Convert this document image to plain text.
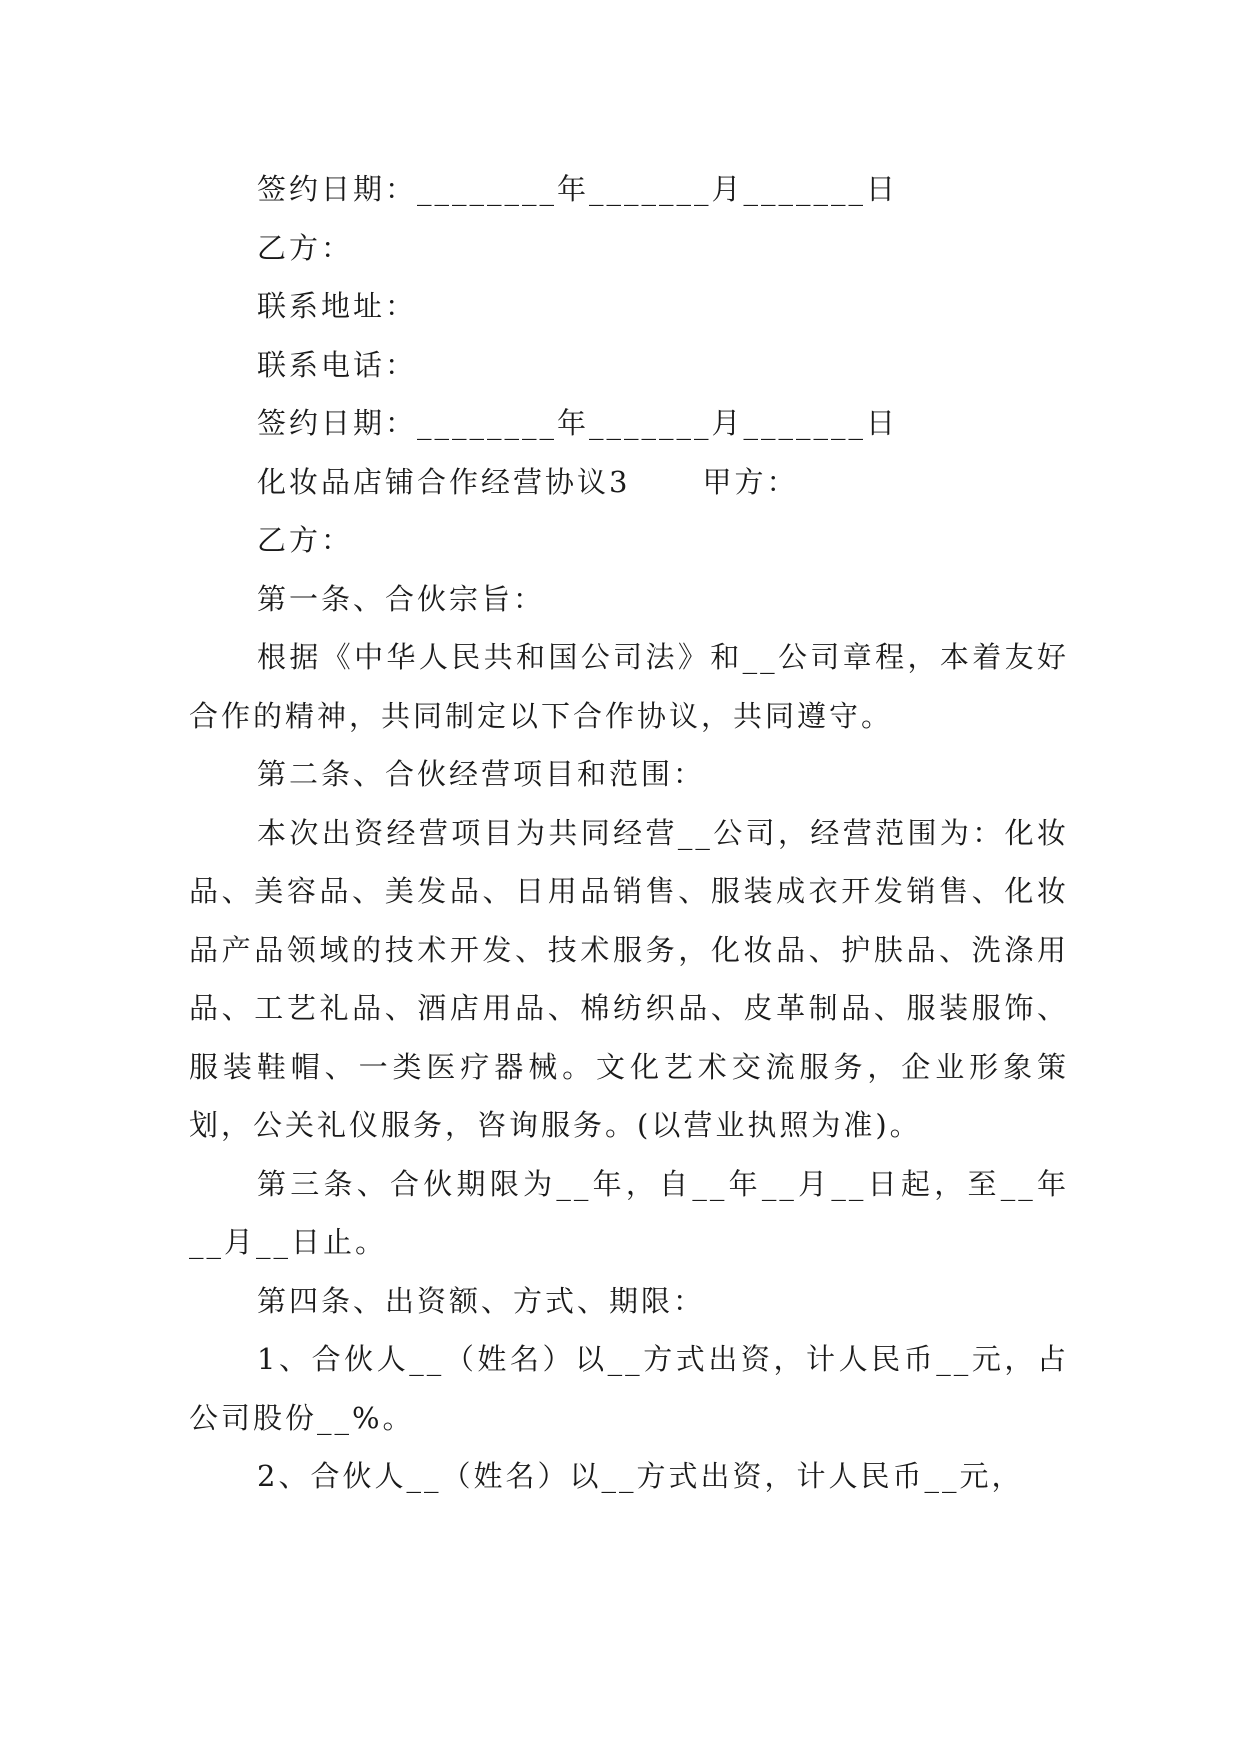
签约日期：________年_______月_______日

乙方：

联系地址：

联系电话：

签约日期：________年_______月_______日

化妆品店铺合作经营协议3 甲方：

乙方：

第一条、合伙宗旨：

根据《中华人民共和国公司法》和__公司章程，本着友好合作的精神，共同制定以下合作协议，共同遵守。

第二条、合伙经营项目和范围：

本次出资经营项目为共同经营__公司，经营范围为：化妆品、美容品、美发品、日用品销售、服装成衣开发销售、化妆品产品领域的技术开发、技术服务，化妆品、护肤品、洗涤用品、工艺礼品、酒店用品、棉纺织品、皮革制品、服装服饰、服装鞋帽、一类医疗器械。文化艺术交流服务，企业形象策划，公关礼仪服务，咨询服务。(以营业执照为准)。

第三条、合伙期限为__年，自__年__月__日起，至__年__月__日止。

第四条、出资额、方式、期限：

1、合伙人__（姓名）以__方式出资，计人民币__元，占公司股份__%。

2、合伙人__（姓名）以__方式出资，计人民币__元，
